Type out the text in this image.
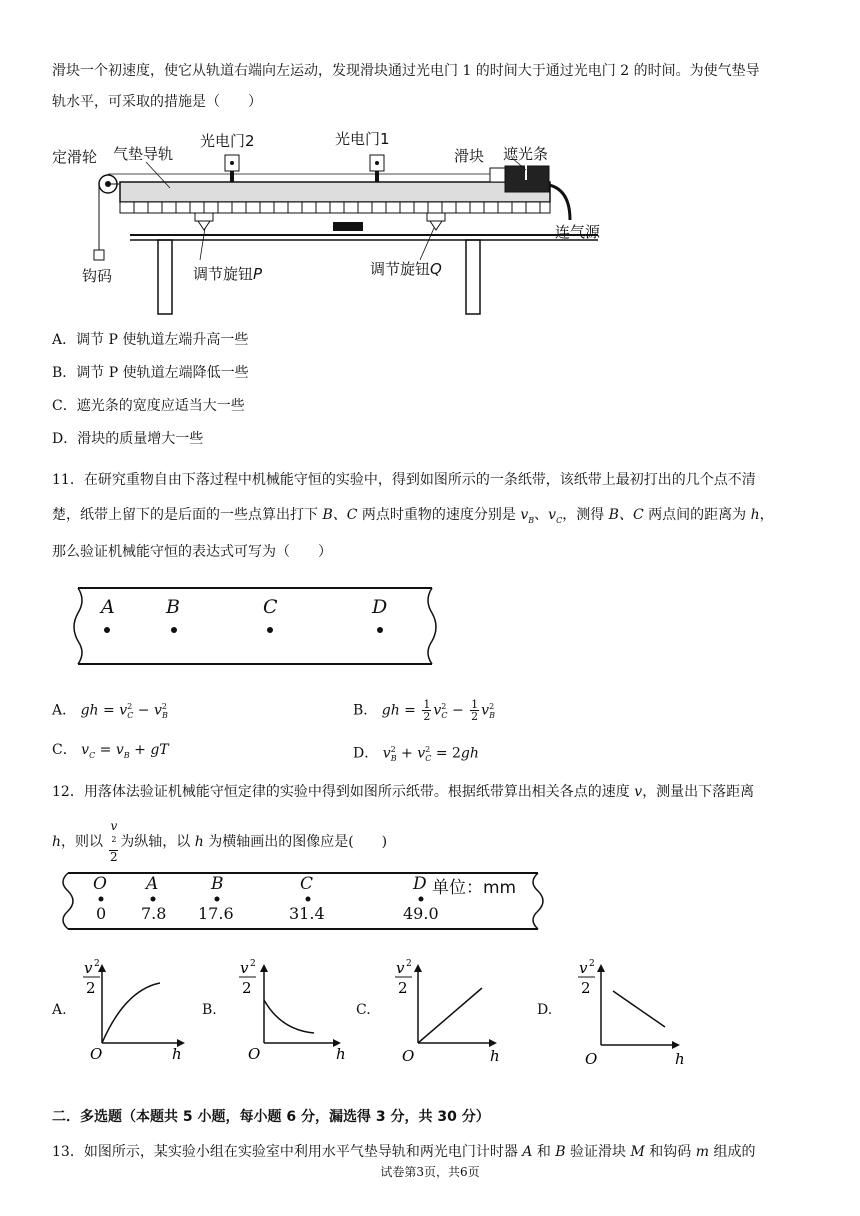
滑块一个初速度，使它从轨道右端向左运动，发现滑块通过光电门 1 的时间大于通过光电门 2 的时间。为使气垫导
轨水平，可采取的措施是（　　）
定滑轮 气垫导轨
光电门2	光电门1
滑块 遮光条
连气源
钩码	调节旋钮P	调节旋钮Q
A．调节 P 使轨道左端升高一些
B．调节 P 使轨道左端降低一些
C．遮光条的宽度应适当大一些
D．滑块的质量增大一些
11．在研究重物自由下落过程中机械能守恒的实验中，得到如图所示的一条纸带，该纸带上最初打出的几个点不清
楚，纸带上留下的是后面的一些点算出打下 B、C 两点时重物的速度分别是 $v_B$、$v_C$，测得 B、C 两点间的距离为 h，
那么验证机械能守恒的表达式可写为（　　）
A	B	C	D
A． gh = $v^2_C - v^2_B$	B． gh = $\frac{1}{2} v^2_C - \frac{1}{2} v^2_B$
C． $v_C = v_B$ + gT	D． $v^2_B + v^2_C = 2gh$
12．用落体法验证机械能守恒定律的实验中得到如图所示纸带。根据纸带算出相关各点的速度 v，测量出下落距离
h，则以 v
$^2$
2 为纵轴，以 h 为横轴画出的图像应是(　　)
O A	B	C	D 单位：mm
0 7.8 17.6	31.4	49.0
A.	B.	C.	D.
v 2
2
O	h
v 2
2
O	h
v 2
2
O	h
v 2
2
O	h
二．多选题（本题共 5 小题，每小题 6 分，漏选得 3 分，共 30 分）
13．如图所示，某实验小组在实验室中利用水平气垫导轨和两光电门计时器 A 和 B 验证滑块 M 和钩码 m 组成的
试卷第3页，共6页
